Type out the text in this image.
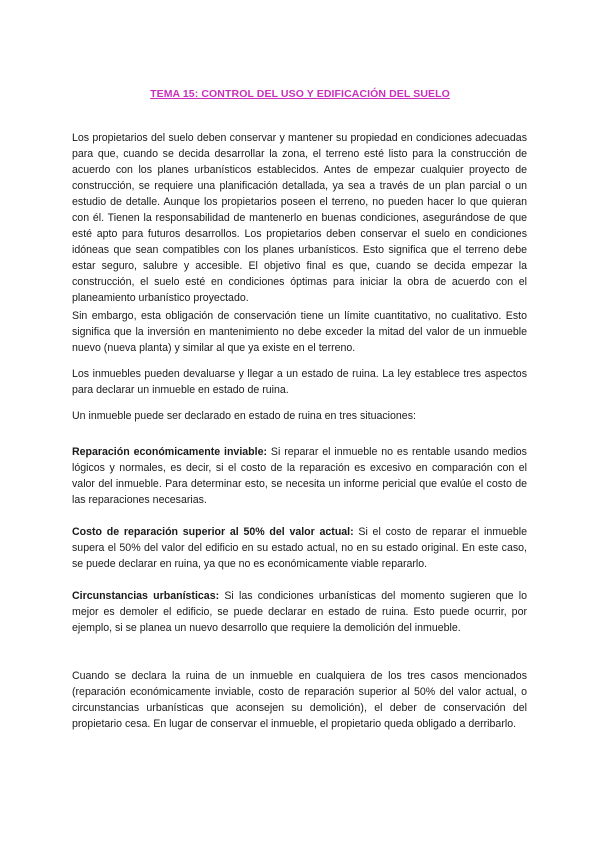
TEMA 15: CONTROL DEL USO Y EDIFICACIÓN DEL SUELO

Los propietarios del suelo deben conservar y mantener su propiedad en condiciones adecuadas para que, cuando se decida desarrollar la zona, el terreno esté listo para la construcción de acuerdo con los planes urbanísticos establecidos. Antes de empezar cualquier proyecto de construcción, se requiere una planificación detallada, ya sea a través de un plan parcial o un estudio de detalle. Aunque los propietarios poseen el terreno, no pueden hacer lo que quieran con él. Tienen la responsabilidad de mantenerlo en buenas condiciones, asegurándose de que esté apto para futuros desarrollos. Los propietarios deben conservar el suelo en condiciones idóneas que sean compatibles con los planes urbanísticos. Esto significa que el terreno debe estar seguro, salubre y accesible. El objetivo final es que, cuando se decida empezar la construcción, el suelo esté en condiciones óptimas para iniciar la obra de acuerdo con el planeamiento urbanístico proyectado.

Sin embargo, esta obligación de conservación tiene un límite cuantitativo, no cualitativo. Esto significa que la inversión en mantenimiento no debe exceder la mitad del valor de un inmueble nuevo (nueva planta) y similar al que ya existe en el terreno.

Los inmuebles pueden devaluarse y llegar a un estado de ruina. La ley establece tres aspectos para declarar un inmueble en estado de ruina.

Un inmueble puede ser declarado en estado de ruina en tres situaciones:

Reparación económicamente inviable: Si reparar el inmueble no es rentable usando medios lógicos y normales, es decir, si el costo de la reparación es excesivo en comparación con el valor del inmueble. Para determinar esto, se necesita un informe pericial que evalúe el costo de las reparaciones necesarias.

Costo de reparación superior al 50% del valor actual: Si el costo de reparar el inmueble supera el 50% del valor del edificio en su estado actual, no en su estado original. En este caso, se puede declarar en ruina, ya que no es económicamente viable repararlo.

Circunstancias urbanísticas: Si las condiciones urbanísticas del momento sugieren que lo mejor es demoler el edificio, se puede declarar en estado de ruina. Esto puede ocurrir, por ejemplo, si se planea un nuevo desarrollo que requiere la demolición del inmueble.

Cuando se declara la ruina de un inmueble en cualquiera de los tres casos mencionados (reparación económicamente inviable, costo de reparación superior al 50% del valor actual, o circunstancias urbanísticas que aconsejen su demolición), el deber de conservación del propietario cesa. En lugar de conservar el inmueble, el propietario queda obligado a derribarlo.
